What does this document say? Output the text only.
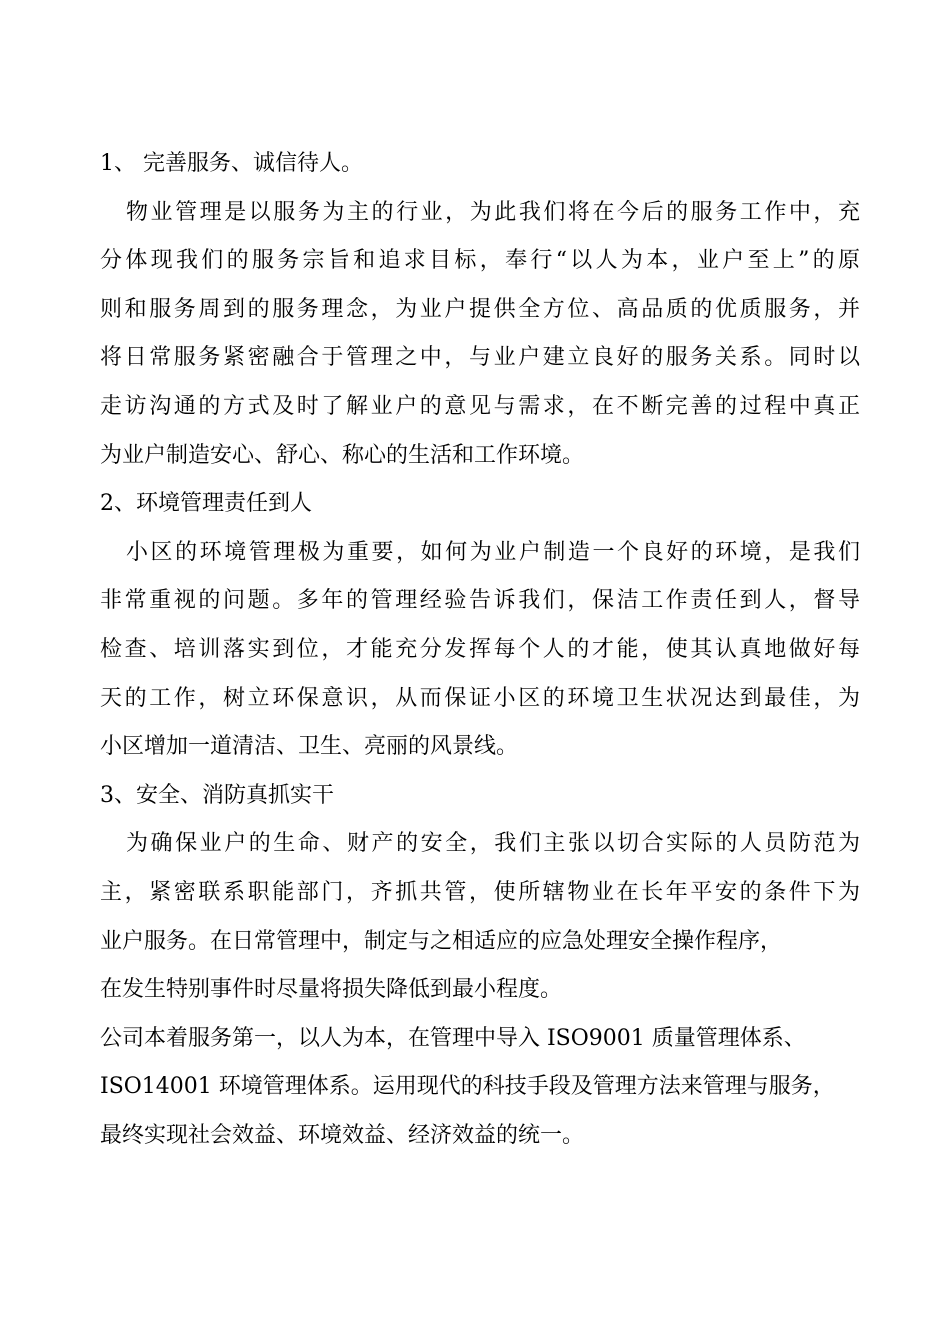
1、 完善服务、诚信待人。
物业管理是以服务为主的行业，为此我们将在今后的服务工作中，充
分体现我们的服务宗旨和追求目标，奉行“以人为本，业户至上”的原
则和服务周到的服务理念，为业户提供全方位、高品质的优质服务，并
将日常服务紧密融合于管理之中，与业户建立良好的服务关系。同时以
走访沟通的方式及时了解业户的意见与需求，在不断完善的过程中真正
为业户制造安心、舒心、称心的生活和工作环境。
2、环境管理责任到人
小区的环境管理极为重要，如何为业户制造一个良好的环境，是我们
非常重视的问题。多年的管理经验告诉我们，保洁工作责任到人，督导
检查、培训落实到位，才能充分发挥每个人的才能，使其认真地做好每
天的工作，树立环保意识，从而保证小区的环境卫生状况达到最佳，为
小区增加一道清洁、卫生、亮丽的风景线。
3、安全、消防真抓实干
为确保业户的生命、财产的安全，我们主张以切合实际的人员防范为
主，紧密联系职能部门，齐抓共管，使所辖物业在长年平安的条件下为
业户服务。在日常管理中，制定与之相适应的应急处理安全操作程序，
在发生特别事件时尽量将损失降低到最小程度。
公司本着服务第一，以人为本，在管理中导入 ISO9001 质量管理体系、
ISO14001 环境管理体系。运用现代的科技手段及管理方法来管理与服务，
最终实现社会效益、环境效益、经济效益的统一。
